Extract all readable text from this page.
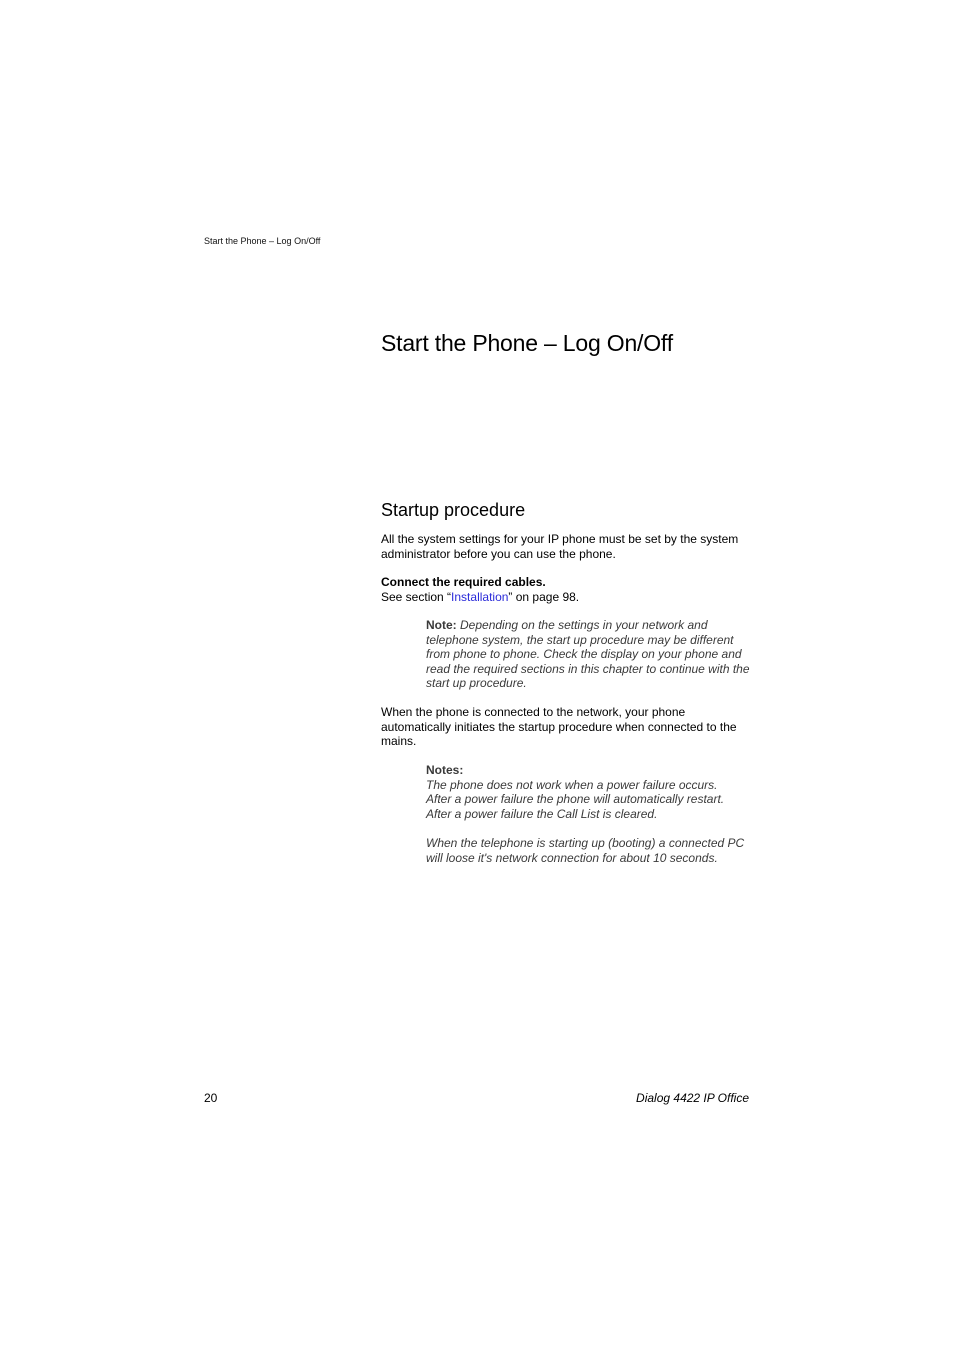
Start the Phone – Log On/Off
Start the Phone – Log On/Off
Startup procedure

All the system settings for your IP phone must be set by the system administrator before you can use the phone.

Connect the required cables.
See section “Installation” on page 98.

Note: Depending on the settings in your network and telephone system, the start up procedure may be different from phone to phone. Check the display on your phone and read the required sections in this chapter to continue with the start up procedure.

When the phone is connected to the network, your phone automatically initiates the startup procedure when connected to the mains.

Notes:
The phone does not work when a power failure occurs.
After a power failure the phone will automatically restart.
After a power failure the Call List is cleared.
When the telephone is starting up (booting) a connected PC will loose it's network connection for about 10 seconds.
20	Dialog 4422 IP Office
